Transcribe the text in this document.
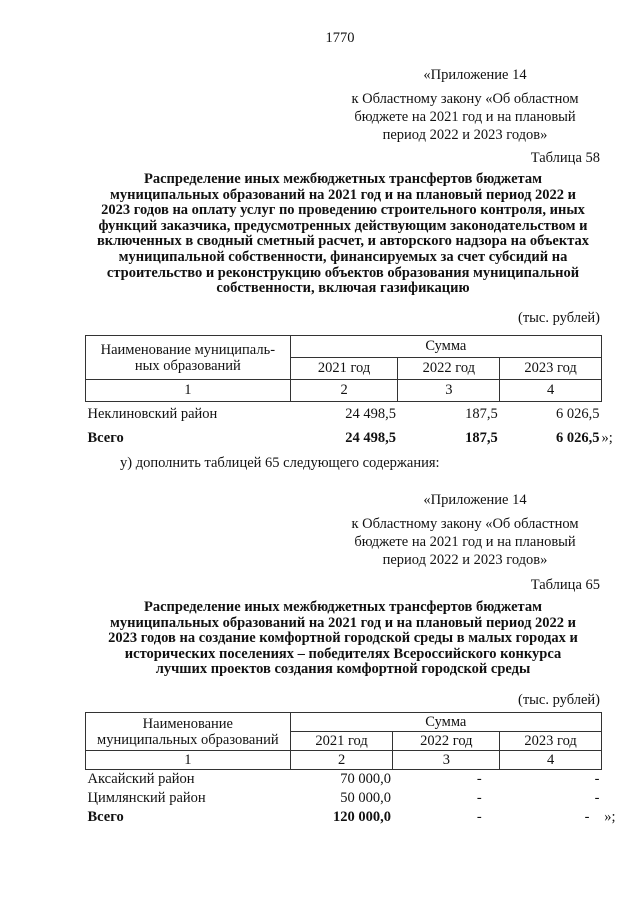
1770
«Приложение 14
к Областному закону «Об областном
бюджете на 2021 год и на плановый
период 2022 и 2023 годов»
Таблица 58
Распределение иных межбюджетных трансфертов бюджетам
муниципальных образований на 2021 год и на плановый период 2022 и
2023 годов на оплату услуг по проведению строительного контроля, иных
функций заказчика, предусмотренных действующим законодательством и
включенных в сводный сметный расчет, и авторского надзора на объектах
муниципальной собственности, финансируемых за счет субсидий на
строительство и реконструкцию объектов образования муниципальной
собственности, включая газификацию
(тыс. рублей)
Наименование муниципаль-ных образований	Сумма		
	2021 год	2022 год	2023 год
1	2	3	4
Неклиновский район	24 498,5	187,5	6 026,5
Всего	24 498,5	187,5	6 026,5 »;
у) дополнить таблицей 65 следующего содержания:
«Приложение 14
к Областному закону «Об областном
бюджете на 2021 год и на плановый
период 2022 и 2023 годов»
Таблица 65
Распределение иных межбюджетных трансфертов бюджетам
муниципальных образований на 2021 год и на плановый период 2022 и
2023 годов на создание комфортной городской среды в малых городах и
исторических поселениях – победителях Всероссийского конкурса
лучших проектов создания комфортной городской среды
(тыс. рублей)
Наименование
муниципальных образований	Сумма		
	2021 год	2022 год	2023 год
1	2	3	4
Аксайский район	70 000,0	-	-
Цимлянский район	50 000,0	-	-
Всего	120 000,0	-	- »;
